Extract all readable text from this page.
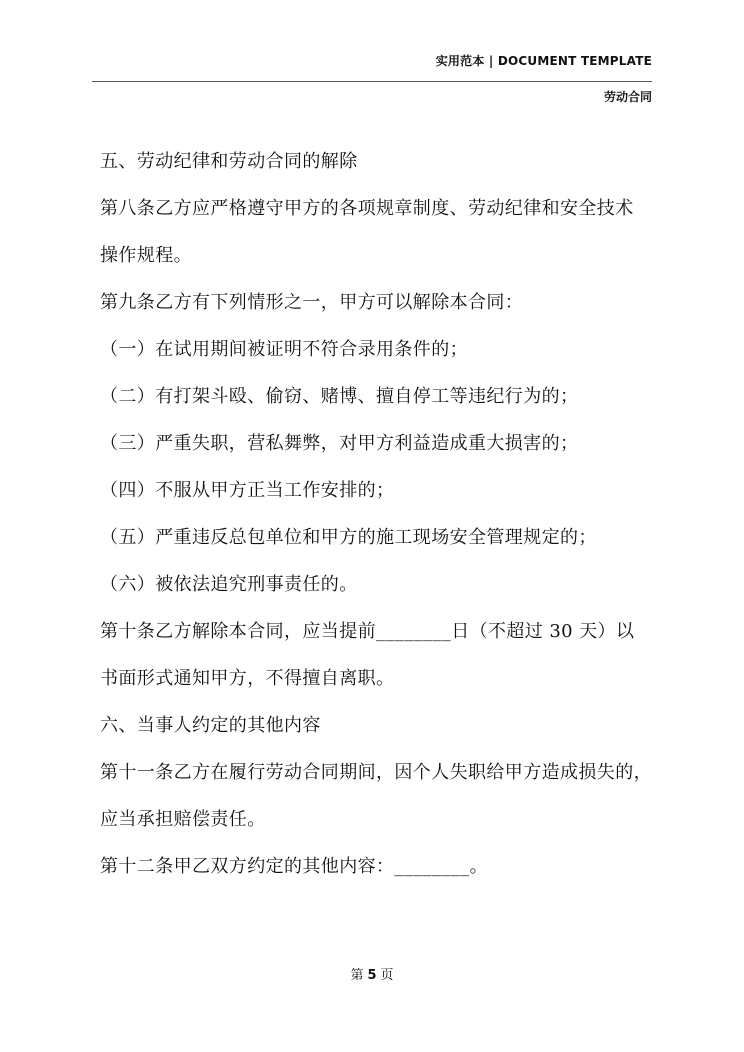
实用范本 | DOCUMENT TEMPLATE
劳动合同

五、劳动纪律和劳动合同的解除

第八条乙方应严格遵守甲方的各项规章制度、劳动纪律和安全技术

操作规程。

第九条乙方有下列情形之一，甲方可以解除本合同：

（一）在试用期间被证明不符合录用条件的；

（二）有打架斗殴、偷窃、赌博、擅自停工等违纪行为的；

（三）严重失职，营私舞弊，对甲方利益造成重大损害的；

（四）不服从甲方正当工作安排的；

（五）严重违反总包单位和甲方的施工现场安全管理规定的；

（六）被依法追究刑事责任的。

第十条乙方解除本合同，应当提前________日（不超过 30 天）以

书面形式通知甲方，不得擅自离职。

六、当事人约定的其他内容

第十一条乙方在履行劳动合同期间，因个人失职给甲方造成损失的，

应当承担赔偿责任。

第十二条甲乙双方约定的其他内容：________。

第 5 页
